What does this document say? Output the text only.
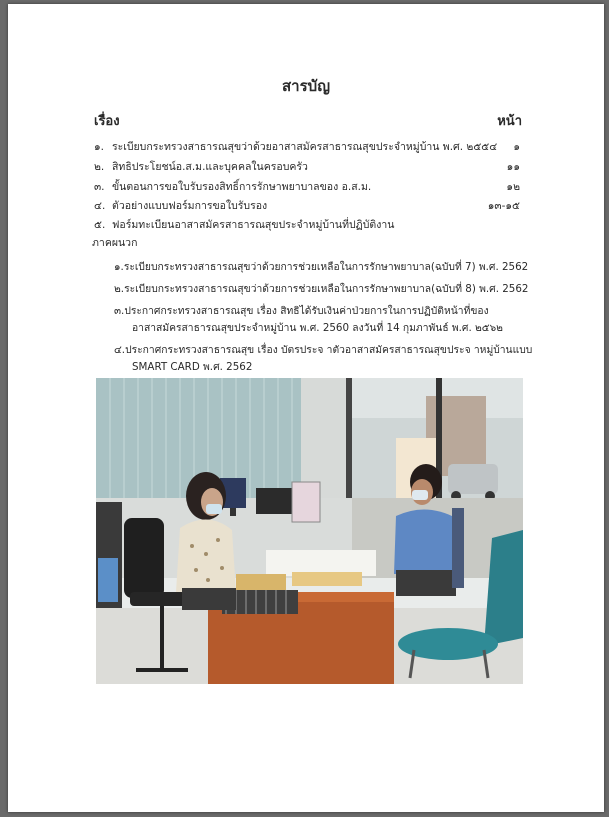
สารบัญ
เรื่อง	หน้า
๑. ระเบียบกระทรวงสาธารณสุขว่าด้วยอาสาสมัครสาธารณสุขประจำหมู่บ้าน พ.ศ. ๒๕๕๔	๑
๒. สิทธิประโยชน์อ.ส.ม.และบุคคลในครอบครัว	๑๑
๓. ขั้นตอนการขอใบรับรองสิทธิ์การรักษาพยาบาลของ อ.ส.ม.	๑๒
๔. ตัวอย่างแบบฟอร์มการขอใบรับรอง	๑๓-๑๕
๕. ฟอร์มทะเบียนอาสาสมัครสาธารณสุขประจำหมู่บ้านที่ปฏิบัติงาน
ภาคผนวก
๑.ระเบียบกระทรวงสาธารณสุขว่าด้วยการช่วยเหลือในการรักษาพยาบาล(ฉบับที่ 7) พ.ศ. 2562
๒.ระเบียบกระทรวงสาธารณสุขว่าด้วยการช่วยเหลือในการรักษาพยาบาล(ฉบับที่ 8) พ.ศ. 2562
๓.ประกาศกระทรวงสาธารณสุข เรื่อง สิทธิได้รับเงินค่าป่วยการในการปฏิบัติหน้าที่ของ
อาสาสมัครสาธารณสุขประจำหมู่บ้าน พ.ศ. 2560 ลงวันที่ 14 กุมภาพันธ์ พ.ศ. ๒๕๖๒
๔.ประกาศกระทรวงสาธารณสุข เรื่อง บัตรประจ าตัวอาสาสมัครสาธารณสุขประจ าหมู่บ้านแบบ
SMART CARD พ.ศ. 2562
